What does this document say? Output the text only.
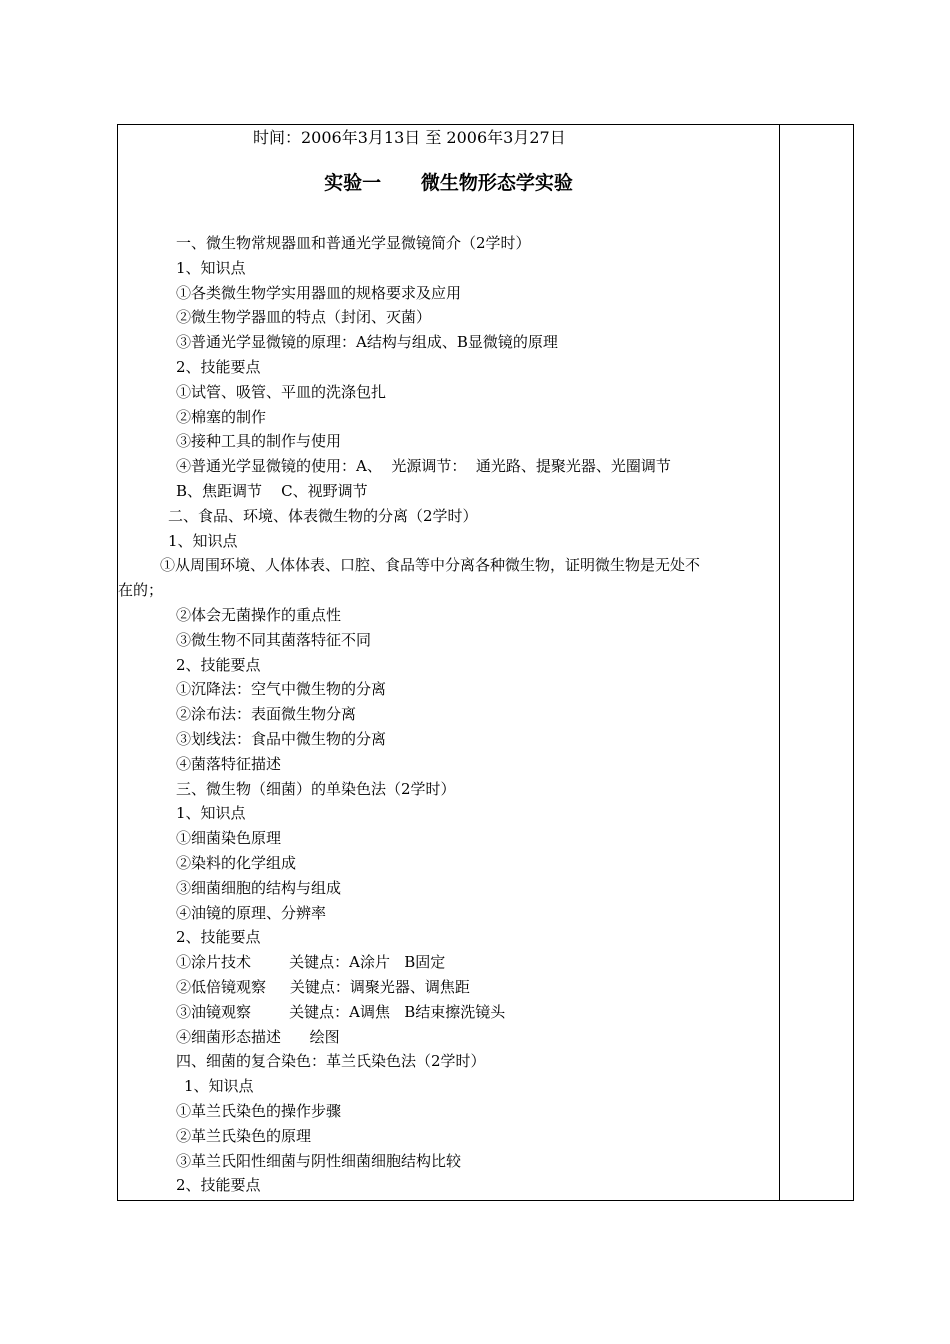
时间：2006年3月13日 至 2006年3月27日
实验一      微生物形态学实验
一、微生物常规器皿和普通光学显微镜简介（2学时）
1、知识点
①各类微生物学实用器皿的规格要求及应用
②微生物学器皿的特点（封闭、灭菌）
③普通光学显微镜的原理：A结构与组成、B显微镜的原理
2、技能要点
①试管、吸管、平皿的洗涤包扎
②棉塞的制作
③接种工具的制作与使用
④普通光学显微镜的使用：A、  光源调节：  通光路、提聚光器、光圈调节
B、焦距调节    C、视野调节
二、食品、环境、体表微生物的分离（2学时）
1、知识点
①从周围环境、人体体表、口腔、食品等中分离各种微生物，证明微生物是无处不
在的；
②体会无菌操作的重点性
③微生物不同其菌落特征不同
2、技能要点
①沉降法：空气中微生物的分离
②涂布法：表面微生物分离
③划线法：食品中微生物的分离
④菌落特征描述
三、微生物（细菌）的单染色法（2学时）
1、知识点
①细菌染色原理
②染料的化学组成
③细菌细胞的结构与组成
④油镜的原理、分辨率
2、技能要点
①涂片技术        关键点：A涂片   B固定
②低倍镜观察     关键点：调聚光器、调焦距
③油镜观察        关键点：A调焦   B结束擦洗镜头
④细菌形态描述      绘图
四、细菌的复合染色：革兰氏染色法（2学时）
1、知识点
①革兰氏染色的操作步骤
②革兰氏染色的原理
③革兰氏阳性细菌与阴性细菌细胞结构比较
2、技能要点
